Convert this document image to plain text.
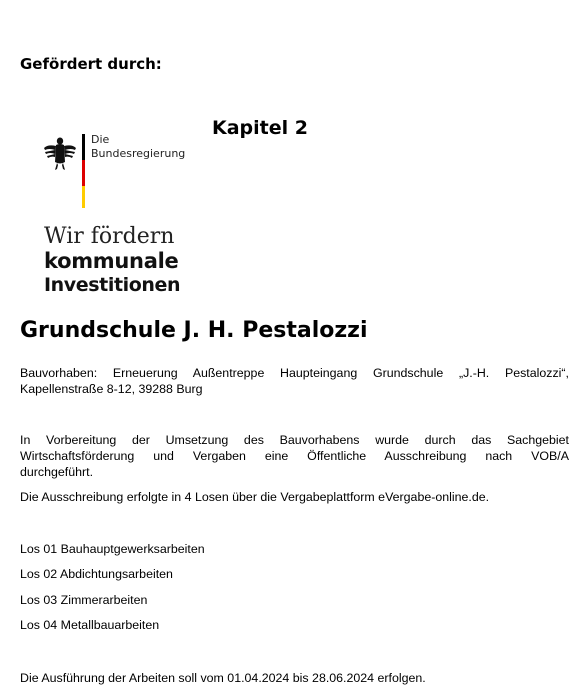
Gefördert durch:
Die
Bundesregierung
Wir fördern
kommunale
Investitionen
Kapitel 2
Grundschule J. H. Pestalozzi
Bauvorhaben: Erneuerung Außentreppe Haupteingang Grundschule „J.-H. Pestalozzi“,
Kapellenstraße 8-12, 39288 Burg
In Vorbereitung der Umsetzung des Bauvorhabens wurde durch das Sachgebiet
Wirtschaftsförderung und Vergaben eine Öffentliche Ausschreibung nach VOB/A
durchgeführt.
Die Ausschreibung erfolgte in 4 Losen über die Vergabeplattform eVergabe-online.de.
Los 01 Bauhauptgewerksarbeiten
Los 02 Abdichtungsarbeiten
Los 03 Zimmerarbeiten
Los 04 Metallbauarbeiten
Die Ausführung der Arbeiten soll vom 01.04.2024 bis 28.06.2024 erfolgen.
